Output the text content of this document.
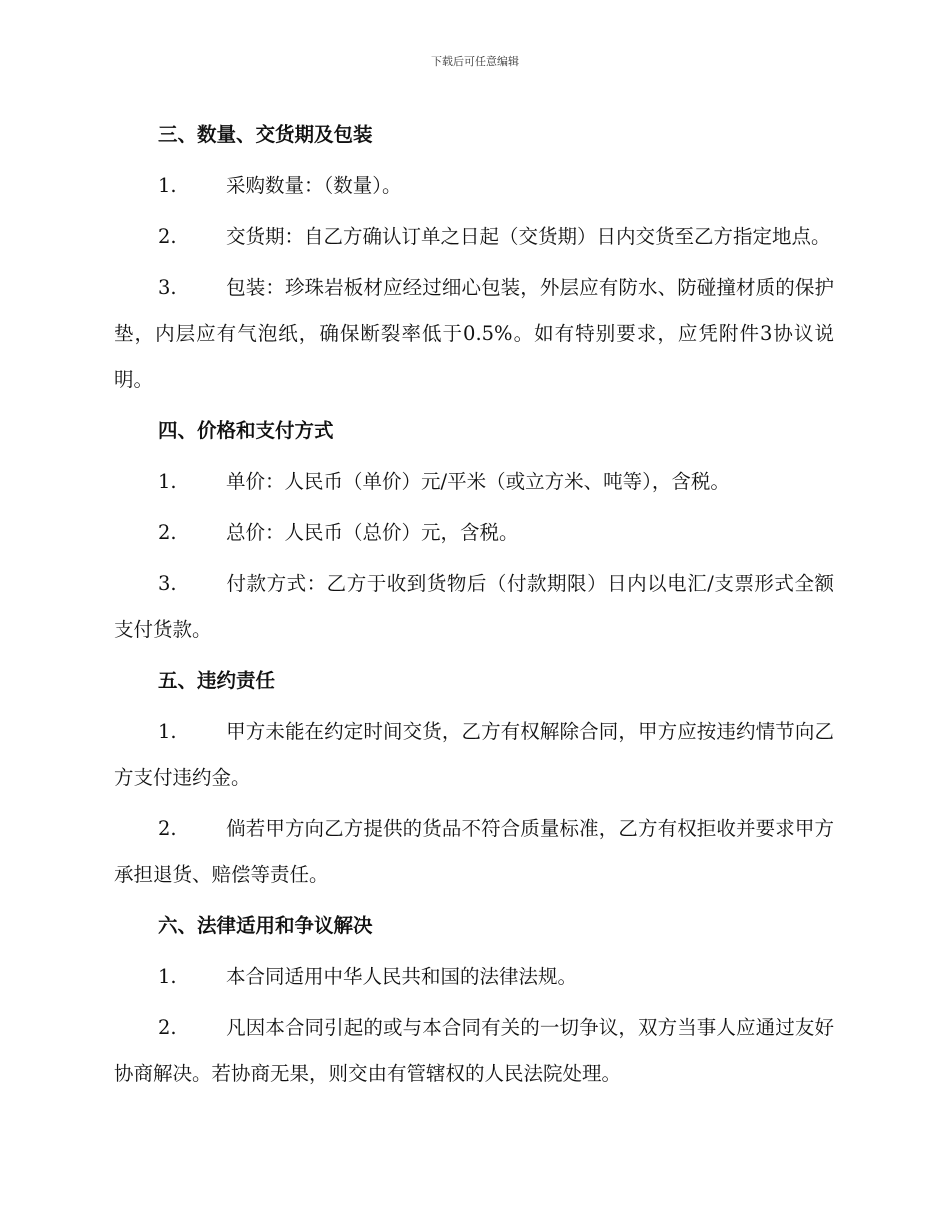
下载后可任意编辑
三、数量、交货期及包装

1.	采购数量：（数量）。

2.	交货期：自乙方确认订单之日起（交货期）日内交货至乙方指定地点。

3.	包装：珍珠岩板材应经过细心包装，外层应有防水、防碰撞材质的保护垫，内层应有气泡纸，确保断裂率低于0.5%。如有特别要求，应凭附件3协议说明。

四、价格和支付方式

1.	单价：人民币（单价）元/平米（或立方米、吨等），含税。

2.	总价：人民币（总价）元，含税。

3.	付款方式：乙方于收到货物后（付款期限）日内以电汇/支票形式全额支付货款。

五、违约责任

1.	甲方未能在约定时间交货，乙方有权解除合同，甲方应按违约情节向乙方支付违约金。

2.	倘若甲方向乙方提供的货品不符合质量标准，乙方有权拒收并要求甲方承担退货、赔偿等责任。

六、法律适用和争议解决

1.	本合同适用中华人民共和国的法律法规。

2.	凡因本合同引起的或与本合同有关的一切争议，双方当事人应通过友好协商解决。若协商无果，则交由有管辖权的人民法院处理。
